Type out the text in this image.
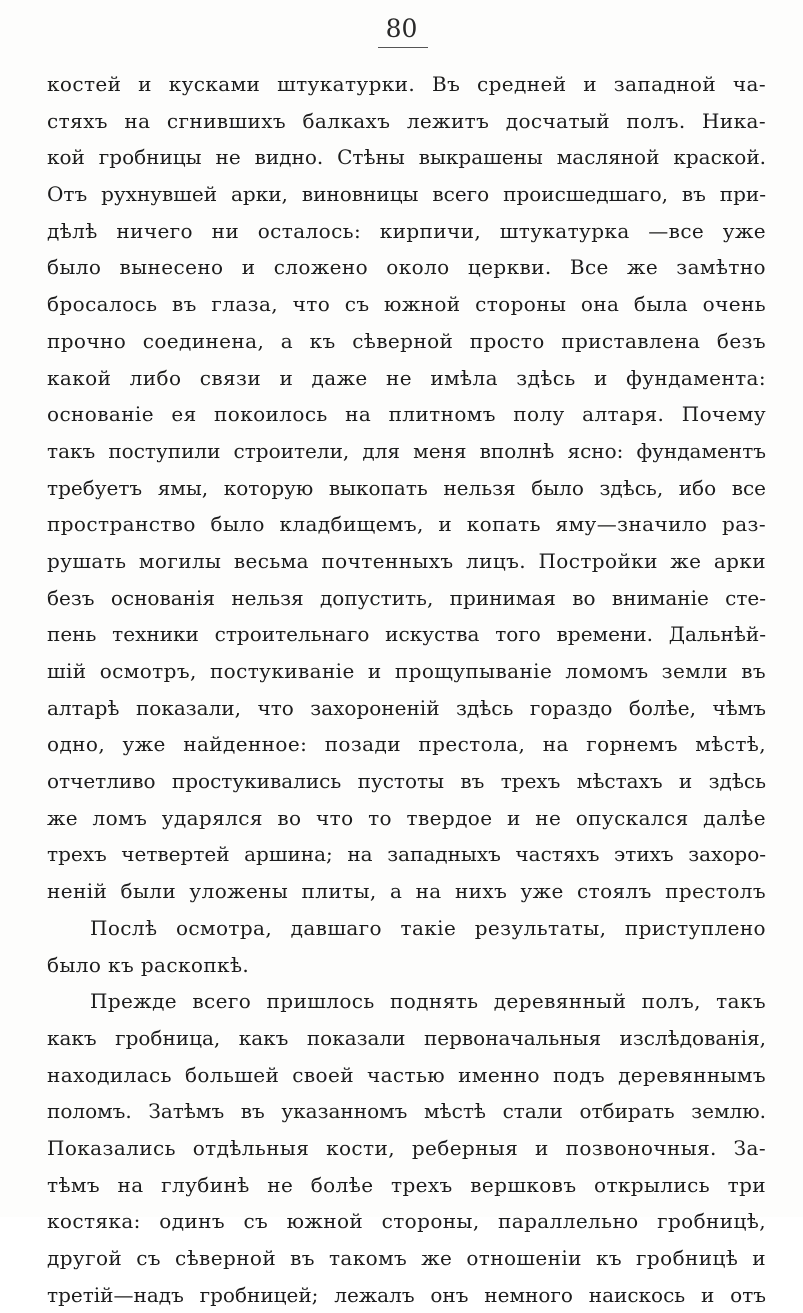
80
костей и кусками штукатурки. Въ средней и западной ча-
стяхъ на сгнившихъ балкахъ лежитъ досчатый полъ. Ника-
кой гробницы не видно. Стѣны выкрашены масляной краской.
Отъ рухнувшей арки, виновницы всего происшедшаго, въ при-
дѣлѣ ничего ни осталось: кирпичи, штукатурка —все уже
было вынесено и сложено около церкви. Все же замѣтно
бросалось въ глаза, что съ южной стороны она была очень
прочно соединена, а къ сѣверной просто приставлена безъ
какой либо связи и даже не имѣла здѣсь и фундамента:
основаніе ея покоилось на плитномъ полу алтаря. Почему
такъ поступили строители, для меня вполнѣ ясно: фундаментъ
требуетъ ямы, которую выкопать нельзя было здѣсь, ибо все
пространство было кладбищемъ, и копать яму—значило раз-
рушать могилы весьма почтенныхъ лицъ. Постройки же арки
безъ основанія нельзя допустить, принимая во вниманіе сте-
пень техники строительнаго искуства того времени. Дальнѣй-
шій осмотръ, постукиваніе и прощупываніе ломомъ земли въ
алтарѣ показали, что захороненій здѣсь гораздо болѣе, чѣмъ
одно, уже найденное: позади престола, на горнемъ мѣстѣ,
отчетливо простукивались пустоты въ трехъ мѣстахъ и здѣсь
же ломъ ударялся во что то твердое и не опускался далѣе
трехъ четвертей аршина; на западныхъ частяхъ этихъ захоро-
неній были уложены плиты, а на нихъ уже стоялъ престолъ
Послѣ осмотра, давшаго такіе результаты, приступлено
было къ раскопкѣ.
Прежде всего пришлось поднять деревянный полъ, такъ
какъ гробница, какъ показали первоначальныя изслѣдованія,
находилась большей своей частью именно подъ деревяннымъ
поломъ. Затѣмъ въ указанномъ мѣстѣ стали отбирать землю.
Показались отдѣльныя кости, реберныя и позвоночныя. За-
тѣмъ на глубинѣ не болѣе трехъ вершковъ открылись три
костяка: одинъ съ южной стороны, параллельно гробницѣ,
другой съ сѣверной въ такомъ же отношеніи къ гробницѣ и
третій—надъ гробницей; лежалъ онъ немного наискось и отъ
